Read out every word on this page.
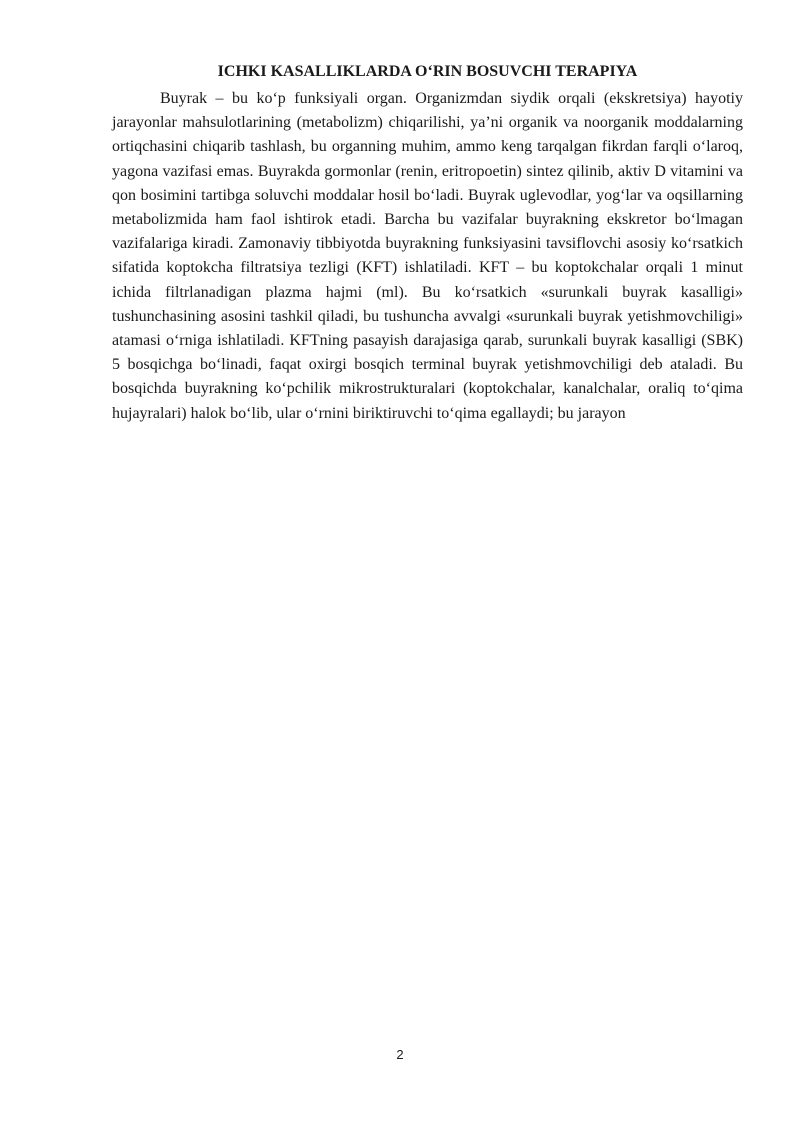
ICHKI KASALLIKLARDA O‘RIN BOSUVCHI TERAPIYA

Buyrak – bu ko‘p funksiyali organ. Organizmdan siydik orqali (ekskretsiya) hayotiy jarayonlar mahsulotlarining (metabolizm) chiqarilishi, ya’ni organik va noorganik moddalarning ortiqchasini chiqarib tashlash, bu organning muhim, ammo keng tarqalgan fikrdan farqli o‘laroq, yagona vazifasi emas. Buyrakda gormonlar (renin, eritropoetin) sintez qilinib, aktiv D vitamini va qon bosimini tartibga soluvchi moddalar hosil bo‘ladi. Buyrak uglevodlar, yog‘lar va oqsillarning metabolizmida ham faol ishtirok etadi. Barcha bu vazifalar buyrakning ekskretor bo‘lmagan vazifalariga kiradi. Zamonaviy tibbiyotda buyrakning funksiyasini tavsiflovchi asosiy ko‘rsatkich sifatida koptokcha filtratsiya tezligi (KFT) ishlatiladi. KFT – bu koptokchalar orqali 1 minut ichida filtrlanadigan plazma hajmi (ml). Bu ko‘rsatkich «surunkali buyrak kasalligi» tushunchasining asosini tashkil qiladi, bu tushuncha avvalgi «surunkali buyrak yetishmovchiligi» atamasi o‘rniga ishlatiladi. KFTning pasayish darajasiga qarab, surunkali buyrak kasalligi (SBK) 5 bosqichga bo‘linadi, faqat oxirgi bosqich terminal buyrak yetishmovchiligi deb ataladi. Bu bosqichda buyrakning ko‘pchilik mikrostrukturalari (koptokchalar, kanalchalar, oraliq to‘qima hujayralari) halok bo‘lib, ular o‘rnini biriktiruvchi to‘qima egallaydi; bu jarayon

2
